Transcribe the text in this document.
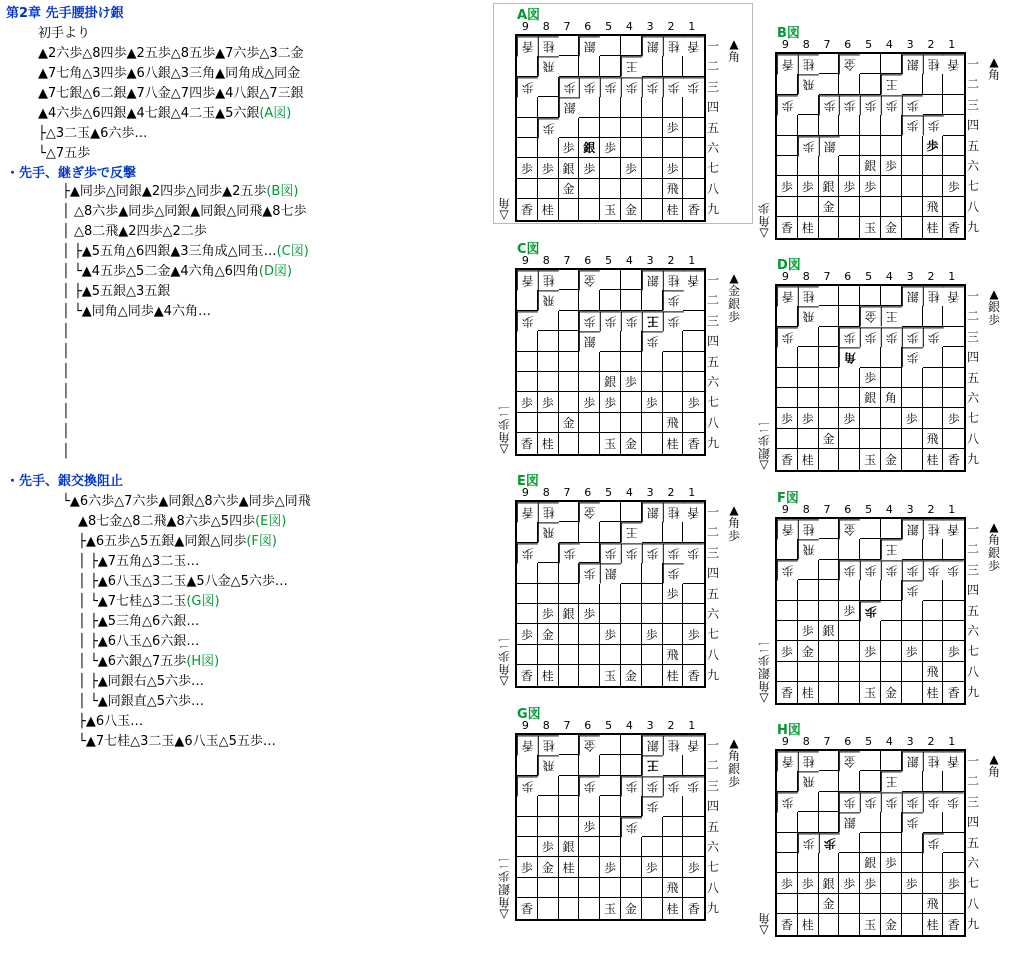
第2章 先手腰掛け銀
初手より
▲2六歩△8四歩▲2五歩△8五歩▲7六歩△3二金
▲7七角△3四歩▲6八銀△3三角▲同角成△同金
▲7七銀△6二銀▲7八金△7四歩▲4八銀△7三銀
▲4六歩△6四銀▲4七銀△4二玉▲5六銀(A図)
├△3二玉▲6六歩…
└△7五歩
・先手、継ぎ歩で反撃
├▲同歩△同銀▲2四歩△同歩▲2五歩(B図)
│ △8六歩▲同歩△同銀▲同銀△同飛▲8七歩
│ △8二飛▲2四歩△2二歩
│ ├▲5五角△6四銀▲3三角成△同玉…(C図)
│ └▲4五歩△5二金▲4六角△6四角(D図)
│ ├▲5五銀△3五銀
│ └▲同角△同歩▲4六角…
・先手、銀交換阻止
└▲6六歩△7六歩▲同銀△8六歩▲同歩△同飛
▲8七金△8二飛▲8六歩△5四歩(E図)
├▲6五歩△5五銀▲同銀△同歩(F図)
│ ├▲7五角△3二玉…
│ ├▲6八玉△3二玉▲5八金△5六歩…
│ └▲7七桂△3二玉(G図)
│ ├▲5三角△6六銀…
│ ├▲6八玉△6六銀…
│ └▲6六銀△7五歩(H図)
│ ├▲同銀右△5六歩…
│ └▲同銀直△5六歩…
├▲6八玉…
└▲7七桂△3二玉▲6八玉△5五歩…
│
│
│
│
│
│
│
A図
9	8	7	6	5	4	3	2	1
香 桂	銀	銀 桂 香
飛	王
歩	歩 歩 歩 歩 歩 歩 歩
銀
歩	歩
歩 銀 歩
歩 歩 銀 歩	歩	歩
金	飛
香 桂	玉 金	桂 香
一
二
三
四
五
六
七
八
九
▲角
△角
B図
9	8	7	6	5	4	3	2	1
香 桂	金	銀 桂 香
飛	王
歩	歩 歩 歩 歩 歩
歩 歩
歩 銀	歩
銀 歩
歩 歩 銀 歩 歩	歩
金	飛
香 桂	玉 金	桂 香
一
二
三
四
五
六
七
八
九
▲角
△角歩
C図
9	8	7	6	5	4	3	2	1
香 桂	金	銀 桂 香
飛	歩
歩	歩 歩 歩 王 歩
銀	歩
銀 歩
歩 歩	歩 歩	歩	歩
金	飛
香 桂	玉 金	桂 香
一
二
三
四
五
六
七
八
九
▲金銀歩
△角歩二
D図
9	8	7	6	5	4	3	2	1
香 桂	銀 桂 香
飛	金 王
歩	歩 歩 歩 歩 歩
角	歩
歩
銀 角
歩 歩	歩	歩	歩
金	飛
香 桂	玉 金	桂 香
一
二
三
四
五
六
七
八
九
▲銀歩
△銀歩二
E図
9	8	7	6	5	4	3	2	1
香 桂	金	銀 桂 香
飛	王
歩	歩	歩 歩 歩 歩 歩
歩 銀	歩
歩
歩 銀 歩
歩 金	歩	歩	歩
飛
香 桂	玉 金	桂 香
一
二
三
四
五
六
七
八
九
▲角歩
△角歩二
F図
9	8	7	6	5	4	3	2	1
香 桂	金	銀 桂 香
飛	王
歩	歩 歩 歩 歩 歩 歩
歩
歩 歩
歩 銀
歩 金	歩	歩	歩
飛
香 桂	玉 金	桂 香
一
二
三
四
五
六
七
八
九
▲角銀歩
△角銀歩二
G図
9	8	7	6	5	4	3	2	1
香 桂	金	銀 桂 香
飛	王
歩	歩	歩 歩 歩 歩
歩
歩	歩
歩 銀
歩 金 桂	歩	歩	歩
飛
香	玉 金	桂 香
一
二
三
四
五
六
七
八
九
▲角銀歩
△角銀歩二
H図
9	8	7	6	5	4	3	2	1
香 桂	金	銀 桂 香
飛	王
歩	歩 歩 歩 歩 歩 歩
銀	歩
歩 歩	歩
銀 歩
歩 歩 銀 歩 歩	歩	歩
金	飛
香 桂	玉 金	桂 香
一
二
三
四
五
六
七
八
九
▲角
△角
